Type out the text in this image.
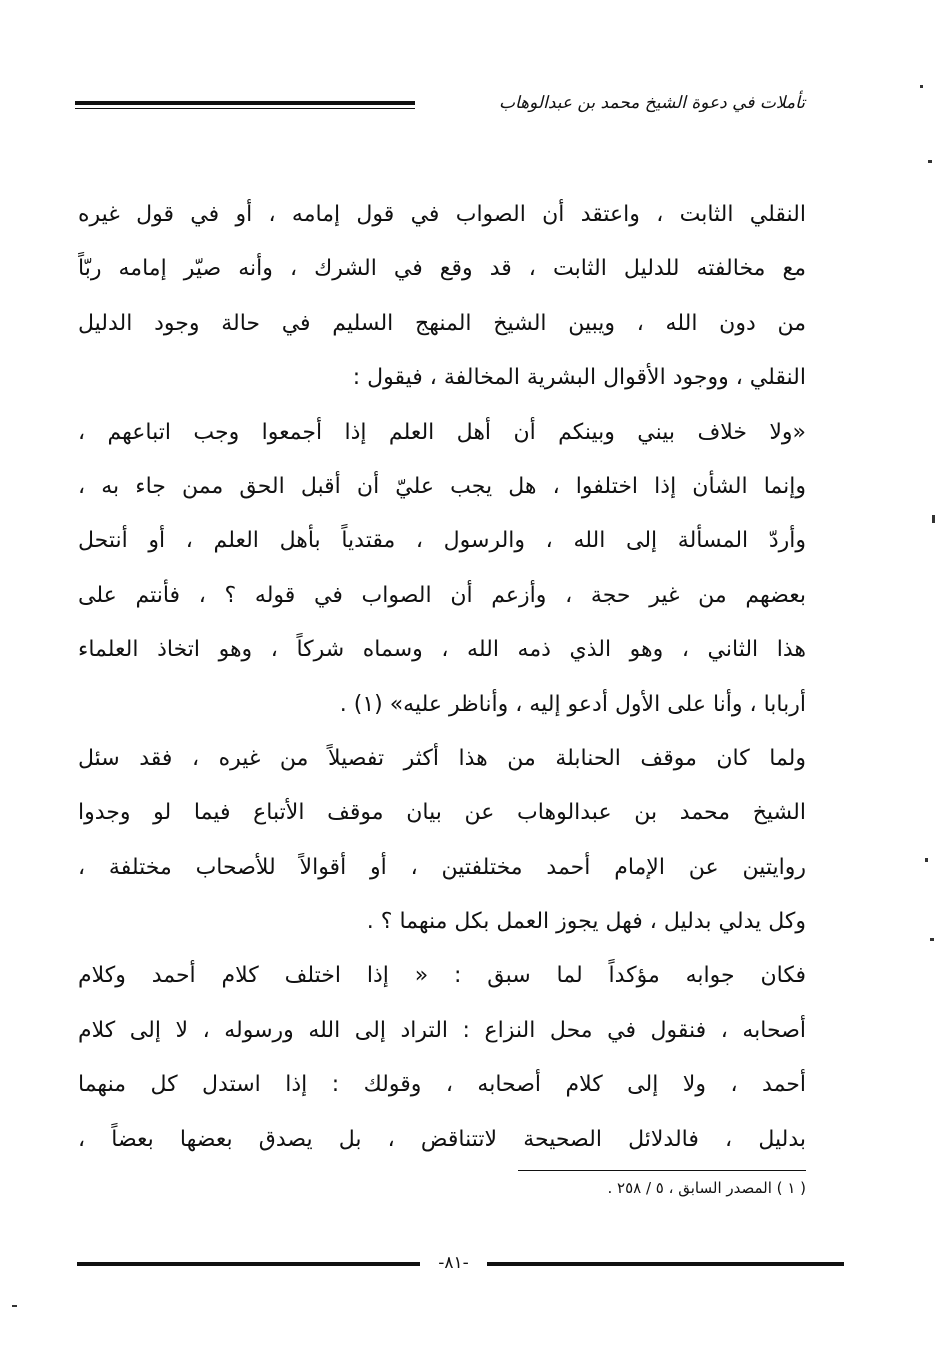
تأملات في دعوة الشيخ محمد بن عبدالوهاب
النقلي الثابت ، واعتقد أن الصواب في قول إمامه ، أو في قول غيره
مع مخالفته للدليل الثابت ، قد وقع في الشرك ، وأنه صيّر إمامه ربّاً
من دون الله ، ويبين الشيخ المنهج السليم في حالة وجود الدليل
النقلي ، ووجود الأقوال البشرية المخالفة ، فيقول :
«ولا خلاف بيني وبينكم أن أهل العلم إذا أجمعوا وجب اتباعهم ،
وإنما الشأن إذا اختلفوا ، هل يجب عليّ أن أقبل الحق ممن جاء به ،
وأردّ المسألة إلى الله ، والرسول ، مقتدياً بأهل العلم ، أو أنتحل
بعضهم من غير حجة ، وأزعم أن الصواب في قوله ؟ ، فأنتم على
هذا الثاني ، وهو الذي ذمه الله ، وسماه شركاً ، وهو اتخاذ العلماء
أربابا ، وأنا على الأول أدعو إليه ، وأناظر عليه» (١) .
ولما كان موقف الحنابلة من هذا أكثر تفصيلاً من غيره ، فقد سئل
الشيخ محمد بن عبدالوهاب عن بيان موقف الأتباع فيما لو وجدوا
روايتين عن الإمام أحمد مختلفتين ، أو أقوالاً للأصحاب مختلفة ،
وكل يدلي بدليل ، فهل يجوز العمل بكل منهما ؟ .
فكان جوابه مؤكداً لما سبق : « إذا اختلف كلام أحمد وكلام
أصحابه ، فنقول في محل النزاع : التراد إلى الله ورسوله ، لا إلى كلام
أحمد ، ولا إلى كلام أصحابه ، وقولك : إذا استدل كل منهما
بدليل ، فالدلائل الصحيحة لاتتناقض ، بل يصدق بعضها بعضاً ،
( ١ ) المصدر السابق ، ٥ / ٢٥٨ .
-٨١-
